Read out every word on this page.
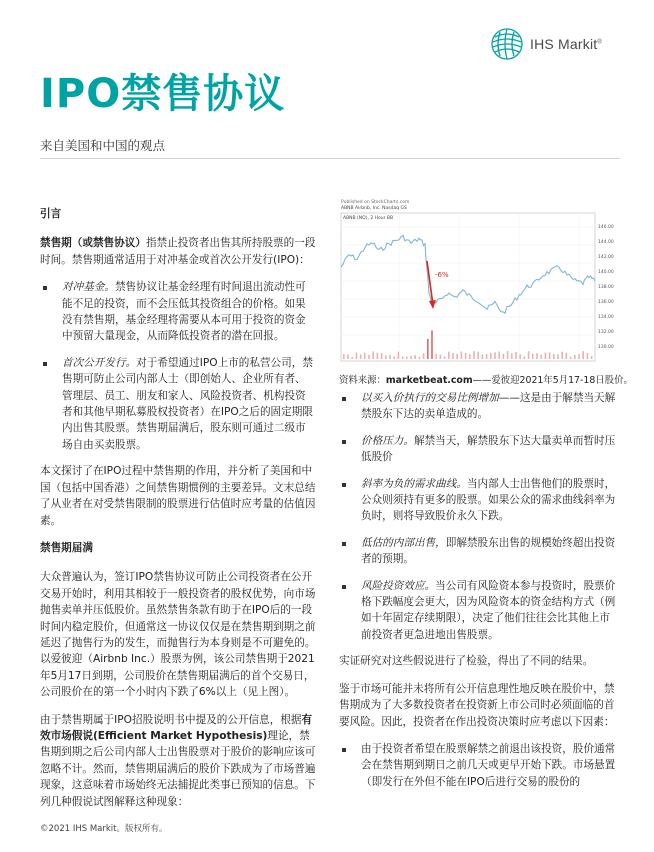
IHS Markit®
IPO禁售协议
来自美国和中国的观点

引言

禁售期（或禁售协议）指禁止投资者出售其所持股票的一段时间。禁售期通常适用于对冲基金或首次公开发行(IPO)：

对冲基金。禁售协议让基金经理有时间退出流动性可能不足的投资，而不会压低其投资组合的价格。如果没有禁售期，基金经理将需要从本可用于投资的资金中预留大量现金，从而降低投资者的潜在回报。
首次公开发行。对于希望通过IPO上市的私营公司，禁售期可防止公司内部人士（即创始人、企业所有者、管理层、员工、朋友和家人、风险投资者、机构投资者和其他早期私募股权投资者）在IPO之后的固定期限内出售其股票。禁售期届满后，股东则可通过二级市场自由买卖股票。

本文探讨了在IPO过程中禁售期的作用，并分析了美国和中国（包括中国香港）之间禁售期惯例的主要差异。文末总结了从业者在对受禁售限制的股票进行估值时应考量的估值因素。

禁售期届满

大众普遍认为，签订IPO禁售协议可防止公司投资者在公开交易开始时，利用其相较于一般投资者的股权优势，向市场抛售卖单并压低股价。虽然禁售条款有助于在IPO后的一段时间内稳定股价，但通常这一协议仅仅是在禁售期到期之前延迟了抛售行为的发生，而抛售行为本身则是不可避免的。以爱彼迎（Airbnb Inc.）股票为例，该公司禁售期于2021年5月17日到期，公司股价在禁售期届满后的首个交易日，公司股价在的第一个小时内下跌了6%以上（见上图）。

由于禁售期属于IPO招股说明书中提及的公开信息，根据有效市场假说(Efficient Market Hypothesis)理论，禁售期到期之后公司内部人士出售股票对于股价的影响应该可忽略不计。然而，禁售期届满后的股价下跌成为了市场普遍现象，这意味着市场始终无法捕捉此类事已预知的信息。下列几种假说试图解释这种现象：

Published on StockCharts.com
ABNB Airbnb, Inc. Nasdaq GS
ABNB (NQ), 2 Hour BB
146.00
144.00
142.00
140.00
138.00
136.00
134.00
132.00
130.00
-6%
资料来源：marketbeat.com——爱彼迎2021年5月17-18日股价。
以买入价执行的交易比例增加——这是由于解禁当天解禁股东下达的卖单造成的。
价格压力。解禁当天，解禁股东下达大量卖单而暂时压低股价
斜率为负的需求曲线。当内部人士出售他们的股票时，公众则须持有更多的股票。如果公众的需求曲线斜率为负时，则将导致股价永久下跌。
低估的内部出售，即解禁股东出售的规模始终超出投资者的预期。
风险投资效应。当公司有风险资本参与投资时，股票价格下跌幅度会更大，因为风险资本的资金结构方式（例如十年固定存续期限），决定了他们往往会比其他上市前投资者更急进地出售股票。

实证研究对这些假说进行了检验，得出了不同的结果。

鉴于市场可能并未将所有公开信息理性地反映在股价中，禁售期成为了大多数投资者在投资新上市公司时必须面临的首要风险。因此，投资者在作出投资决策时应考虑以下因素：

由于投资者希望在股票解禁之前退出该投资，股价通常会在禁售期到期日之前几天或更早开始下跌。市场悬置（即发行在外但不能在IPO后进行交易的股份的
©2021 IHS Markit。版权所有。
